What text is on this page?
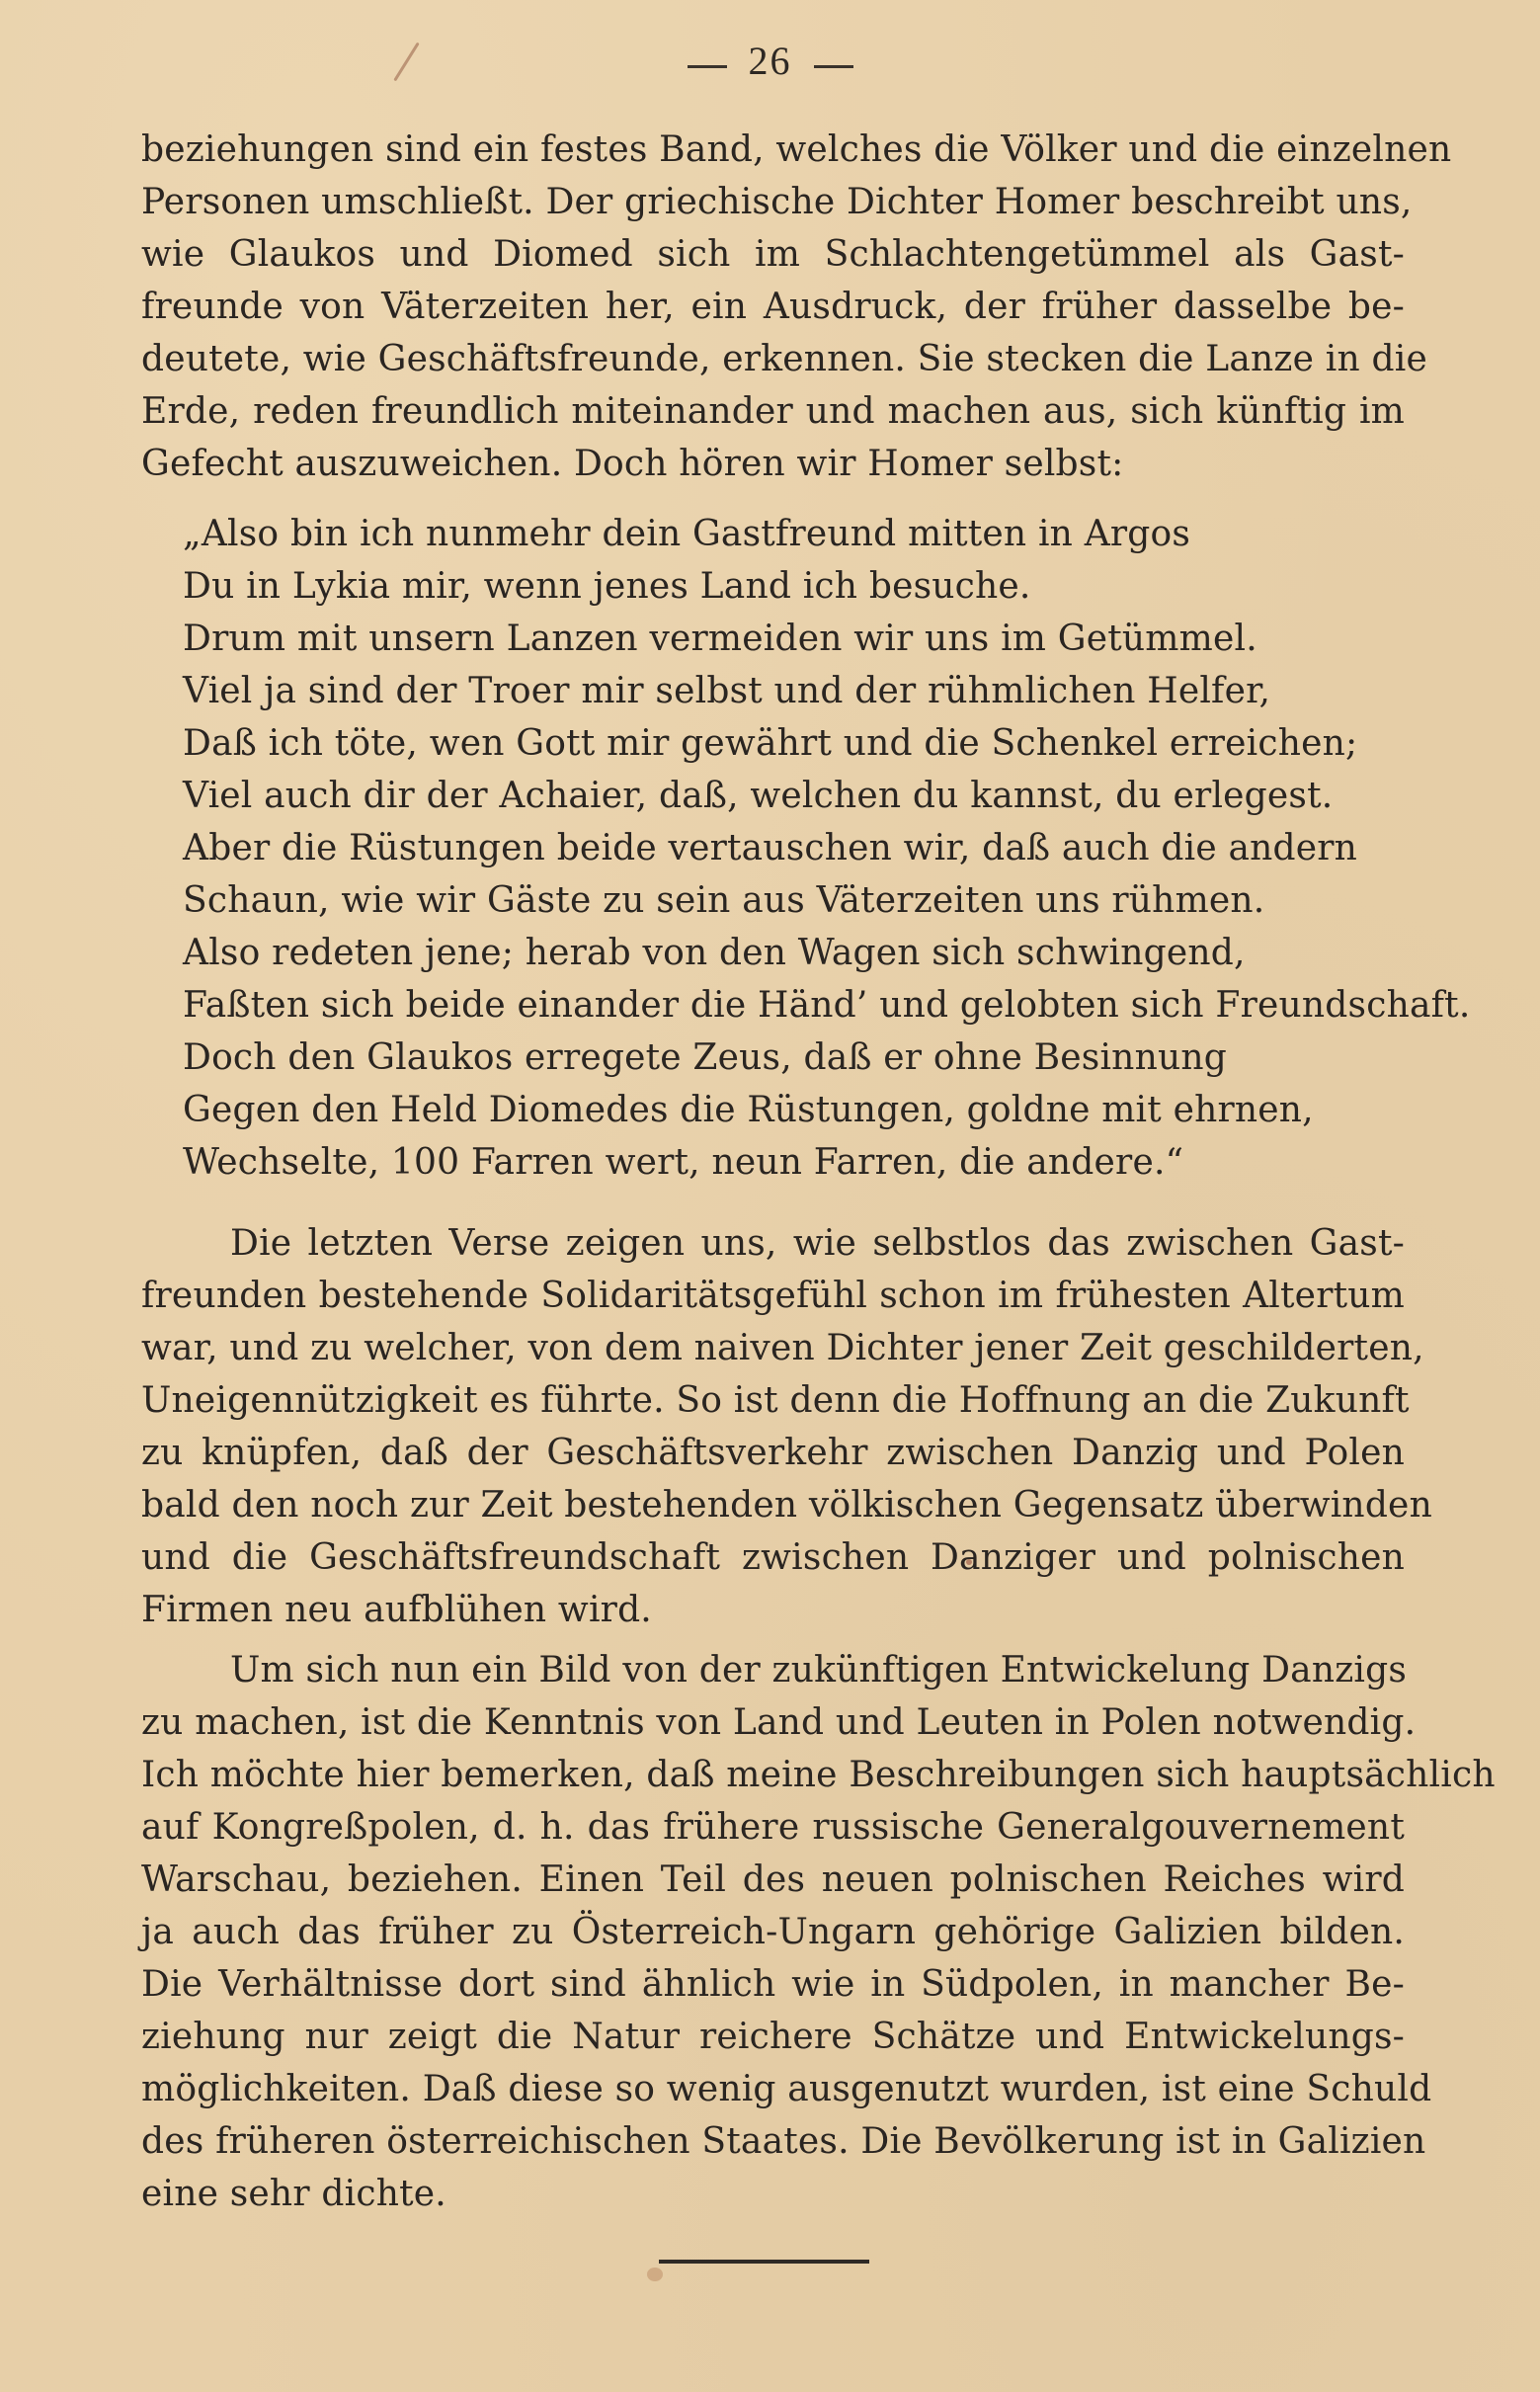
26
beziehungen sind ein festes Band, welches die Völker und die einzelnen
Personen umschließt. Der griechische Dichter Homer beschreibt uns,
wie Glaukos und Diomed sich im Schlachtengetümmel als Gast-
freunde von Väterzeiten her, ein Ausdruck, der früher dasselbe be-
deutete, wie Geschäftsfreunde, erkennen. Sie stecken die Lanze in die
Erde, reden freundlich miteinander und machen aus, sich künftig im
Gefecht auszuweichen. Doch hören wir Homer selbst:
„Also bin ich nunmehr dein Gastfreund mitten in Argos
Du in Lykia mir, wenn jenes Land ich besuche.
Drum mit unsern Lanzen vermeiden wir uns im Getümmel.
Viel ja sind der Troer mir selbst und der rühmlichen Helfer,
Daß ich töte, wen Gott mir gewährt und die Schenkel erreichen;
Viel auch dir der Achaier, daß, welchen du kannst, du erlegest.
Aber die Rüstungen beide vertauschen wir, daß auch die andern
Schaun, wie wir Gäste zu sein aus Väterzeiten uns rühmen.
Also redeten jene; herab von den Wagen sich schwingend,
Faßten sich beide einander die Händ’ und gelobten sich Freundschaft.
Doch den Glaukos erregete Zeus, daß er ohne Besinnung
Gegen den Held Diomedes die Rüstungen, goldne mit ehrnen,
Wechselte, 100 Farren wert, neun Farren, die andere.“
Die letzten Verse zeigen uns, wie selbstlos das zwischen Gast-
freunden bestehende Solidaritätsgefühl schon im frühesten Altertum
war, und zu welcher, von dem naiven Dichter jener Zeit geschilderten,
Uneigennützigkeit es führte. So ist denn die Hoffnung an die Zukunft
zu knüpfen, daß der Geschäftsverkehr zwischen Danzig und Polen
bald den noch zur Zeit bestehenden völkischen Gegensatz überwinden
und die Geschäftsfreundschaft zwischen Danziger und polnischen
Firmen neu aufblühen wird.
Um sich nun ein Bild von der zukünftigen Entwickelung Danzigs
zu machen, ist die Kenntnis von Land und Leuten in Polen notwendig.
Ich möchte hier bemerken, daß meine Beschreibungen sich hauptsächlich
auf Kongreßpolen, d. h. das frühere russische Generalgouvernement
Warschau, beziehen. Einen Teil des neuen polnischen Reiches wird
ja auch das früher zu Österreich-Ungarn gehörige Galizien bilden.
Die Verhältnisse dort sind ähnlich wie in Südpolen, in mancher Be-
ziehung nur zeigt die Natur reichere Schätze und Entwickelungs-
möglichkeiten. Daß diese so wenig ausgenutzt wurden, ist eine Schuld
des früheren österreichischen Staates. Die Bevölkerung ist in Galizien
eine sehr dichte.
